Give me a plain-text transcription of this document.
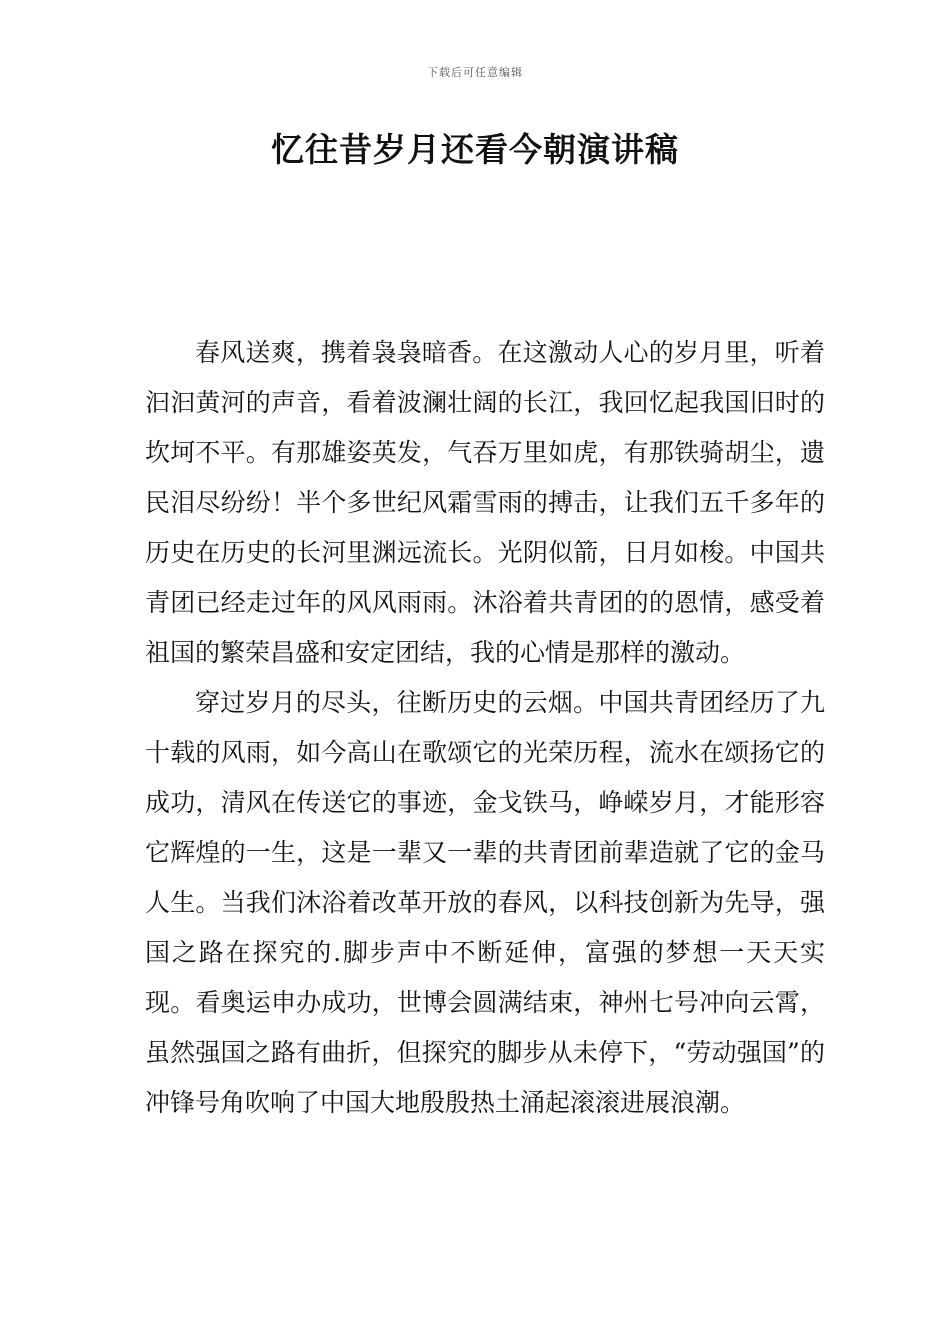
下载后可任意编辑
忆往昔岁月还看今朝演讲稿

春风送爽，携着袅袅暗香。在这激动人心的岁月里，听着汩汩黄河的声音，看着波澜壮阔的长江，我回忆起我国旧时的坎坷不平。有那雄姿英发，气吞万里如虎，有那铁骑胡尘，遗民泪尽纷纷！半个多世纪风霜雪雨的搏击，让我们五千多年的历史在历史的长河里渊远流长。光阴似箭，日月如梭。中国共青团已经走过年的风风雨雨。沐浴着共青团的的恩情，感受着祖国的繁荣昌盛和安定团结，我的心情是那样的激动。

穿过岁月的尽头，往断历史的云烟。中国共青团经历了九十载的风雨，如今高山在歌颂它的光荣历程，流水在颂扬它的成功，清风在传送它的事迹，金戈铁马，峥嵘岁月，才能形容它辉煌的一生，这是一辈又一辈的共青团前辈造就了它的金马人生。当我们沐浴着改革开放的春风，以科技创新为先导，强国之路在探究的.脚步声中不断延伸，富强的梦想一天天实现。看奥运申办成功，世博会圆满结束，神州七号冲向云霄，虽然强国之路有曲折，但探究的脚步从未停下，“劳动强国”的冲锋号角吹响了中国大地殷殷热土涌起滚滚进展浪潮。
